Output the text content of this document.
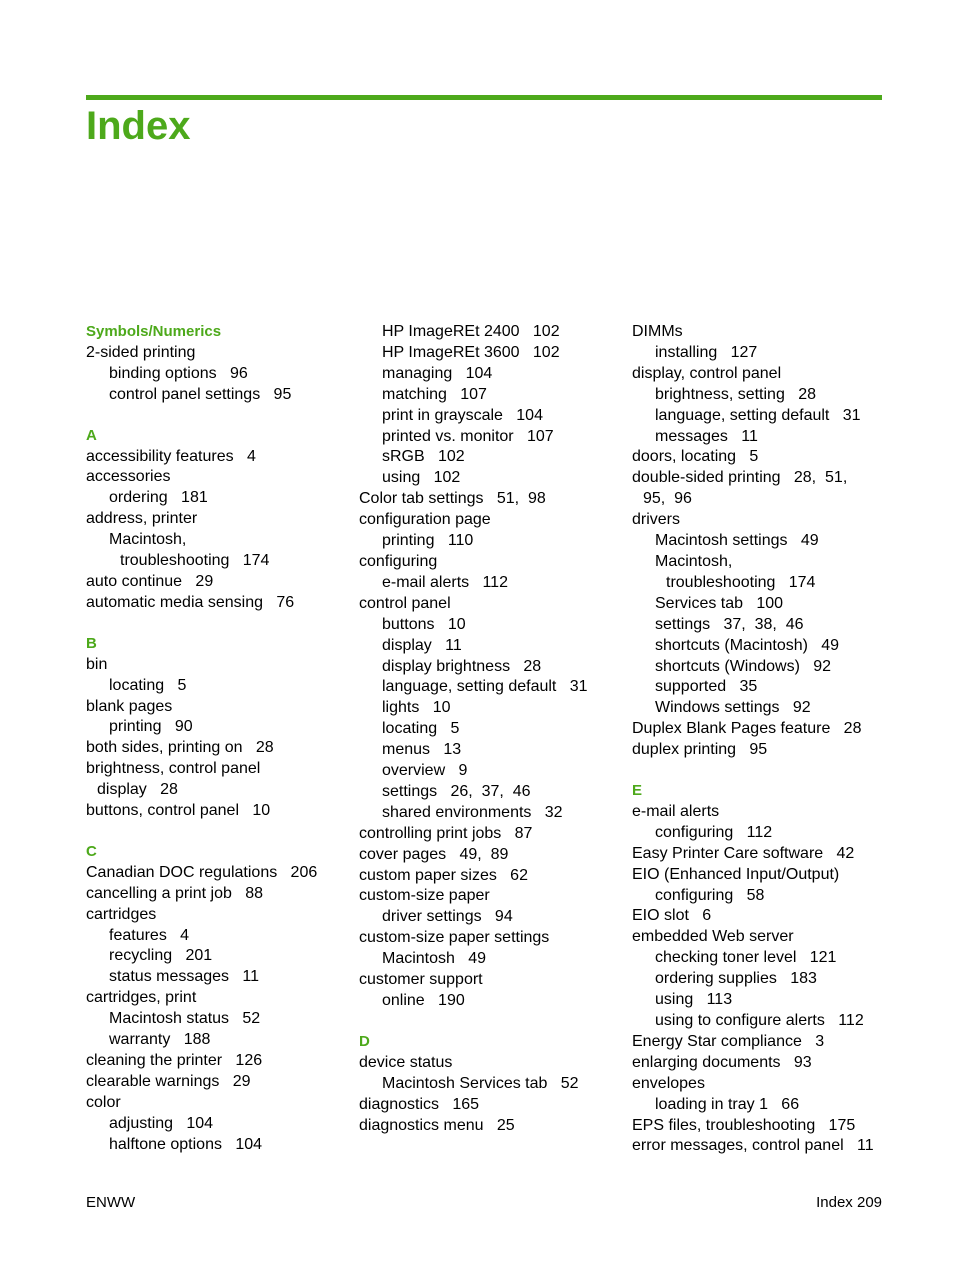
Index
Symbols/Numerics
2-sided printing
binding options   96
control panel settings   95
A
accessibility features   4
accessories
ordering   181
address, printer
Macintosh,
troubleshooting   174
auto continue   29
automatic media sensing   76
B
bin
locating   5
blank pages
printing   90
both sides, printing on   28
brightness, control panel
display   28
buttons, control panel   10
C
Canadian DOC regulations   206
cancelling a print job   88
cartridges
features   4
recycling   201
status messages   11
cartridges, print
Macintosh status   52
warranty   188
cleaning the printer   126
clearable warnings   29
color
adjusting   104
halftone options   104
HP ImageREt 2400   102
HP ImageREt 3600   102
managing   104
matching   107
print in grayscale   104
printed vs. monitor   107
sRGB   102
using   102
Color tab settings   51,  98
configuration page
printing   110
configuring
e-mail alerts   112
control panel
buttons   10
display   11
display brightness   28
language, setting default   31
lights   10
locating   5
menus   13
overview   9
settings   26,  37,  46
shared environments   32
controlling print jobs   87
cover pages   49,  89
custom paper sizes   62
custom-size paper
driver settings   94
custom-size paper settings
Macintosh   49
customer support
online   190
D
device status
Macintosh Services tab   52
diagnostics   165
diagnostics menu   25
DIMMs
installing   127
display, control panel
brightness, setting   28
language, setting default   31
messages   11
doors, locating   5
double-sided printing   28,  51,
95,  96
drivers
Macintosh settings   49
Macintosh,
troubleshooting   174
Services tab   100
settings   37,  38,  46
shortcuts (Macintosh)   49
shortcuts (Windows)   92
supported   35
Windows settings   92
Duplex Blank Pages feature   28
duplex printing   95
E
e-mail alerts
configuring   112
Easy Printer Care software   42
EIO (Enhanced Input/Output)
configuring   58
EIO slot   6
embedded Web server
checking toner level   121
ordering supplies   183
using   113
using to configure alerts   112
Energy Star compliance   3
enlarging documents   93
envelopes
loading in tray 1   66
EPS files, troubleshooting   175
error messages, control panel   11
ENWW	Index 209
